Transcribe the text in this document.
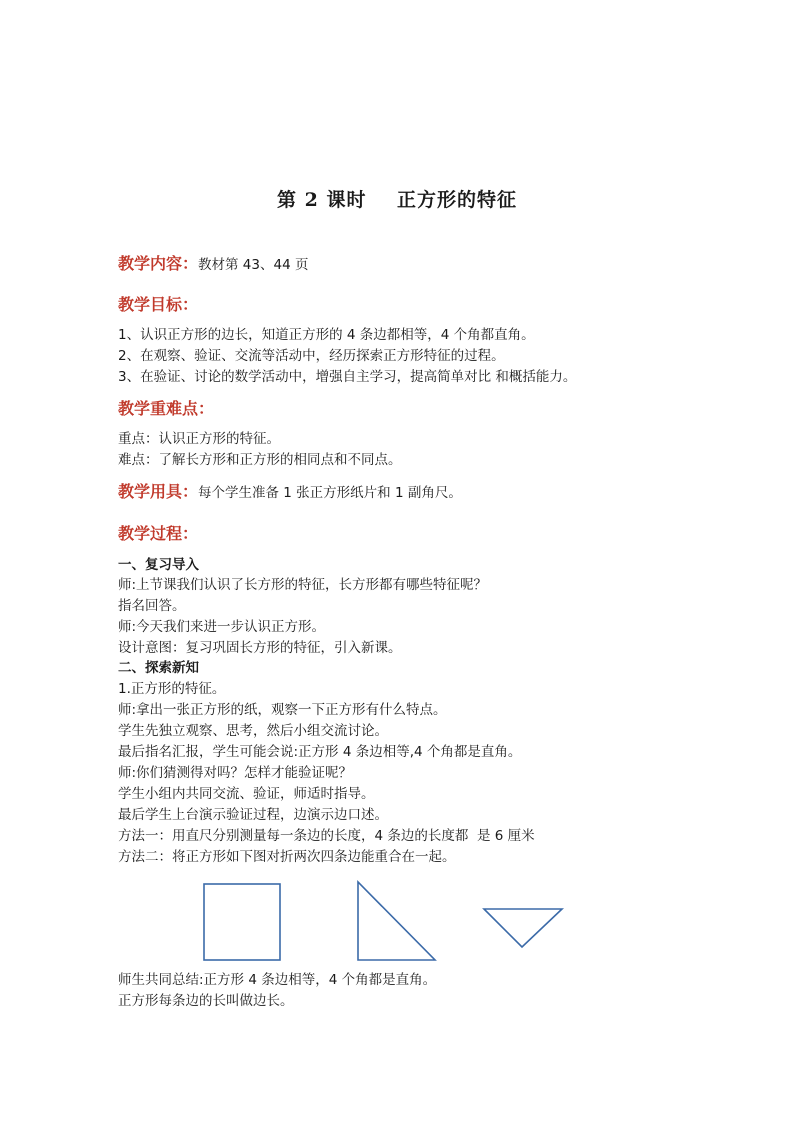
第 2 课时    正方形的特征
教学内容：教材第 43、44 页
教学目标：
1、认识正方形的边长，知道正方形的 4 条边都相等，4 个角都直角。
2、在观察、验证、交流等活动中，经历探索正方形特征的过程。
3、在验证、讨论的数学活动中，增强自主学习，提高简单对比 和概括能力。
教学重难点：
重点：认识正方形的特征。
难点：了解长方形和正方形的相同点和不同点。
教学用具：每个学生准备 1 张正方形纸片和 1 副角尺。
教学过程：
一、复习导入
师:上节课我们认识了长方形的特征，长方形都有哪些特征呢？
指名回答。
师:今天我们来进一步认识正方形。
设计意图：复习巩固长方形的特征，引入新课。
二、探索新知
1.正方形的特征。
师:拿出一张正方形的纸，观察一下正方形有什么特点。
学生先独立观察、思考，然后小组交流讨论。
最后指名汇报，学生可能会说:正方形 4 条边相等,4 个角都是直角。
师:你们猜测得对吗？怎样才能验证呢？
学生小组内共同交流、验证，师适时指导。
最后学生上台演示验证过程，边演示边口述。
方法一：用直尺分别测量每一条边的长度，4 条边的长度都  是 6 厘米
方法二：将正方形如下图对折两次四条边能重合在一起。
师生共同总结:正方形 4 条边相等，4 个角都是直角。
正方形每条边的长叫做边长。
